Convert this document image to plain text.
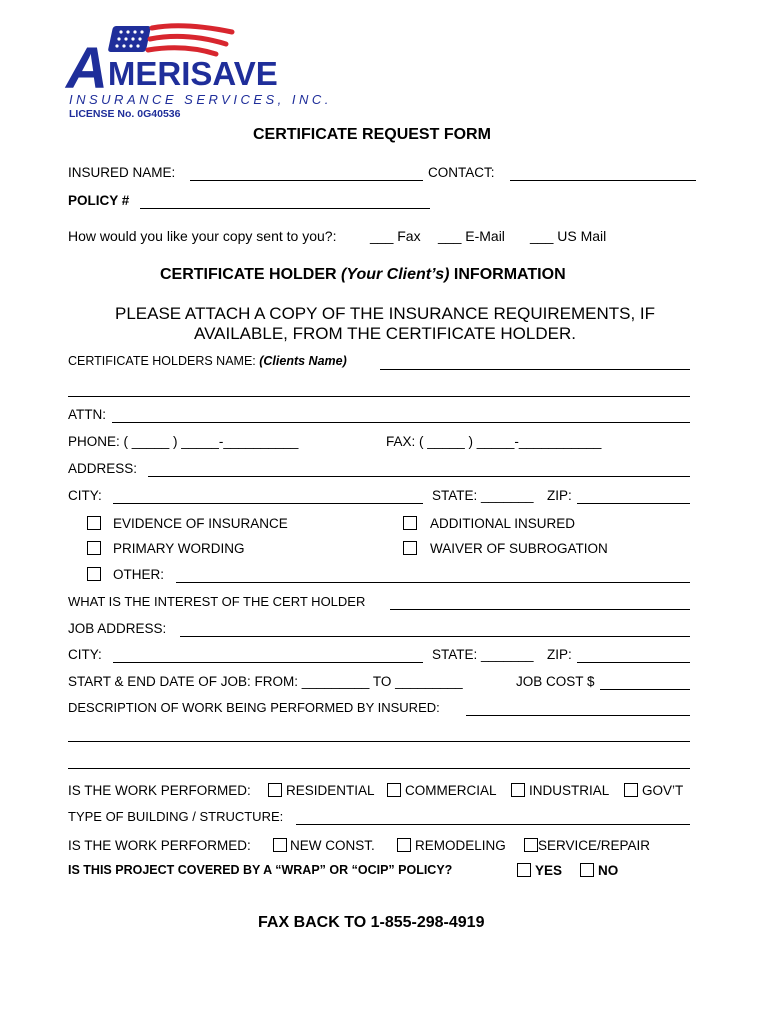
AMERISAVE
INSURANCE SERVICES, INC.
LICENSE No. 0G40536
CERTIFICATE REQUEST FORM
INSURED NAME:	CONTACT:
POLICY #
How would you like your copy sent to you?: ___ Fax ___ E-Mail ___ US Mail
CERTIFICATE HOLDER (Your Client’s) INFORMATION
PLEASE ATTACH A COPY OF THE INSURANCE REQUIREMENTS, IF
AVAILABLE, FROM THE CERTIFICATE HOLDER.
CERTIFICATE HOLDERS NAME: (Clients Name)
ATTN:
PHONE: ( _____ ) _____-__________	FAX: ( _____ ) _____-___________
ADDRESS:
CITY:	STATE: _______ ZIP:
EVIDENCE OF INSURANCE	ADDITIONAL INSURED
PRIMARY WORDING	WAIVER OF SUBROGATION
OTHER:
WHAT IS THE INTEREST OF THE CERT HOLDER
JOB ADDRESS:
CITY:	STATE: _______ ZIP:
START & END DATE OF JOB: FROM: _________ TO _________	JOB COST $
DESCRIPTION OF WORK BEING PERFORMED BY INSURED:
IS THE WORK PERFORMED:	RESIDENTIAL COMMERCIAL INDUSTRIAL GOV’T
TYPE OF BUILDING / STRUCTURE:
IS THE WORK PERFORMED:	NEW CONST.	REMODELING SERVICE/REPAIR
IS THIS PROJECT COVERED BY A “WRAP” OR “OCIP” POLICY?	YES	NO
FAX BACK TO 1-855-298-4919
